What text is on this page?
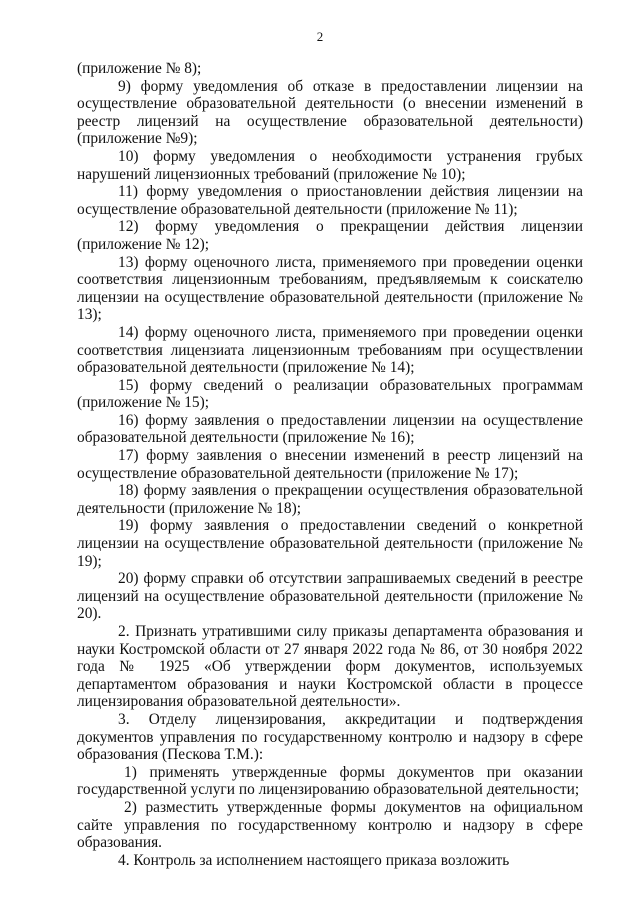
2

(приложение № 8);

9) форму уведомления об отказе в предоставлении лицензии на осуществление образовательной деятельности (о внесении изменений в реестр лицензий на осуществление образовательной деятельности) (приложение №9);

10) форму уведомления о необходимости устранения грубых нарушений лицензионных требований (приложение № 10);

11) форму уведомления о приостановлении действия лицензии на осуществление образовательной деятельности (приложение № 11);

12) форму уведомления о прекращении действия лицензии (приложение № 12);

13) форму оценочного листа, применяемого при проведении оценки соответствия лицензионным требованиям, предъявляемым к соискателю лицензии на осуществление образовательной деятельности (приложение № 13);

14) форму оценочного листа, применяемого при проведении оценки соответствия лицензиата лицензионным требованиям при осуществлении образовательной деятельности (приложение № 14);

15) форму сведений о реализации образовательных программам (приложение № 15);

16) форму заявления о предоставлении лицензии на осуществление образовательной деятельности (приложение № 16);

17) форму заявления о внесении изменений в реестр лицензий на осуществление образовательной деятельности (приложение № 17);

18) форму заявления о прекращении осуществления образовательной деятельности (приложение № 18);

19) форму заявления о предоставлении сведений о конкретной лицензии на осуществление образовательной деятельности (приложение № 19);

20) форму справки об отсутствии запрашиваемых сведений в реестре лицензий на осуществление образовательной деятельности (приложение № 20).

2. Признать утратившими силу приказы департамента образования и науки Костромской области от 27 января 2022 года № 86, от 30 ноября 2022 года № 1925 «Об утверждении форм документов, используемых департаментом образования и науки Костромской области в процессе лицензирования образовательной деятельности».

3. Отделу лицензирования, аккредитации и подтверждения документов управления по государственному контролю и надзору в сфере образования (Пескова Т.М.):

1) применять утвержденные формы документов при оказании государственной услуги по лицензированию образовательной деятельности;

2) разместить утвержденные формы документов на официальном сайте управления по государственному контролю и надзору в сфере образования.

4. Контроль за исполнением настоящего приказа возложить
